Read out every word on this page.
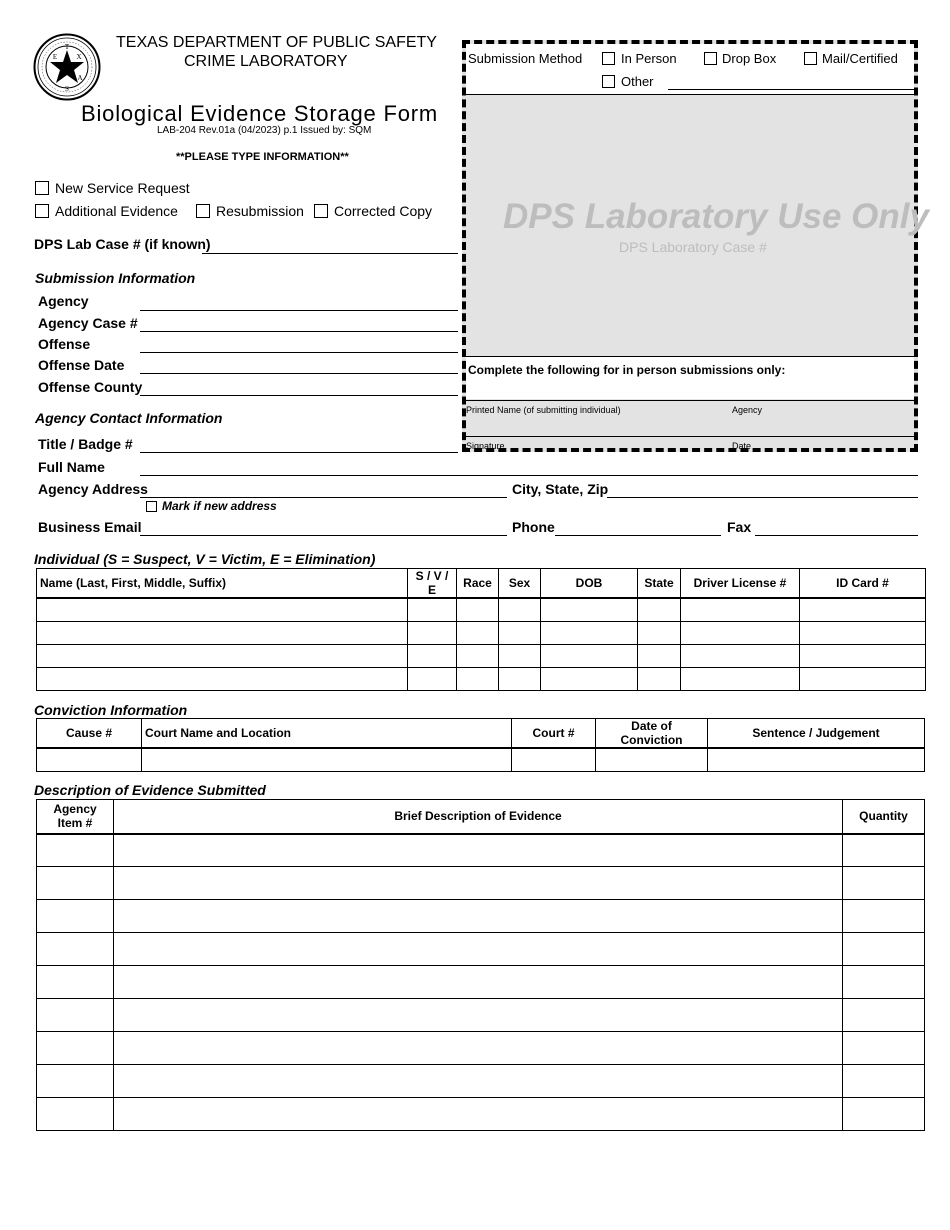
T
E	X
A
S
TEXAS DEPARTMENT OF PUBLIC SAFETY
CRIME LABORATORY
Biological Evidence Storage Form
LAB-204 Rev.01a (04/2023) p.1 Issued by: SQM
**PLEASE TYPE INFORMATION**
New Service Request
Additional Evidence	Resubmission Corrected Copy
DPS Lab Case # (if known)
Submission Information
Agency
Agency Case #
Offense
Offense Date
Offense County
Agency Contact Information
Title / Badge #
Full Name
Agency Address	City, State, Zip
Mark if new address
Business Email	Phone	Fax
Submission Method	In Person	Drop Box	Mail/Certified
Other
DPS Laboratory Use Only
DPS Laboratory Case #
Complete the following for in person submissions only:
Printed Name (of submitting individual)	Agency
Signature	Date
Individual (S = Suspect, V = Victim, E = Elimination)
Name (Last, First, Middle, Suffix)	S / V / E	Race	Sex	DOB	State	Driver License #	ID Card #

Conviction Information
Cause #	Court Name and Location	Court #	Date of Conviction	Sentence / Judgement

Description of Evidence Submitted
Agency
Item #	Brief Description of Evidence	Quantity
